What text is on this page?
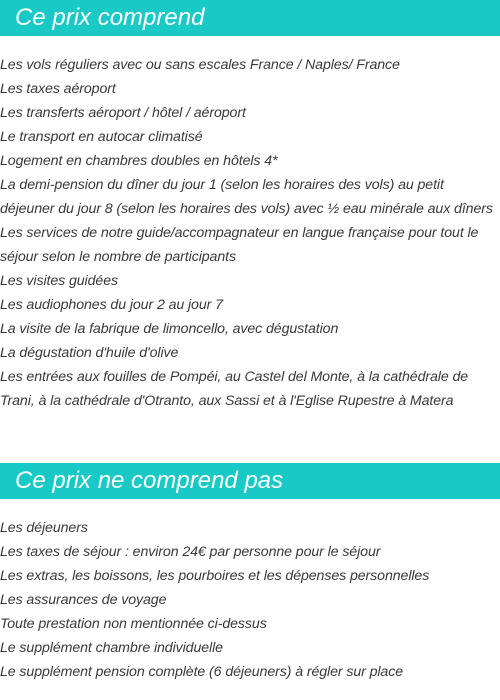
Ce prix comprend
Les vols réguliers avec ou sans escales France / Naples/ France
Les taxes aéroport
Les transferts aéroport / hôtel / aéroport
Le transport en autocar climatisé
Logement en chambres doubles en hôtels 4*
La demi-pension du dîner du jour 1 (selon les horaires des vols) au petit déjeuner du jour 8 (selon les horaires des vols) avec ½ eau minérale aux dîners
Les services de notre guide/accompagnateur en langue française pour tout le séjour selon le nombre de participants
Les visites guidées
Les audiophones du jour 2 au jour 7
La visite de la fabrique de limoncello, avec dégustation
La dégustation d'huile d'olive
Les entrées aux fouilles de Pompéi, au Castel del Monte, à la cathédrale de Trani, à la cathédrale d'Otranto, aux Sassi et à l'Eglise Rupestre à Matera
Ce prix ne comprend pas
Les déjeuners
Les taxes de séjour : environ 24€ par personne pour le séjour
Les extras, les boissons, les pourboires et les dépenses personnelles
Les assurances de voyage
Toute prestation non mentionnée ci-dessus
Le supplément chambre individuelle
Le supplément pension complète (6 déjeuners) à régler sur place
